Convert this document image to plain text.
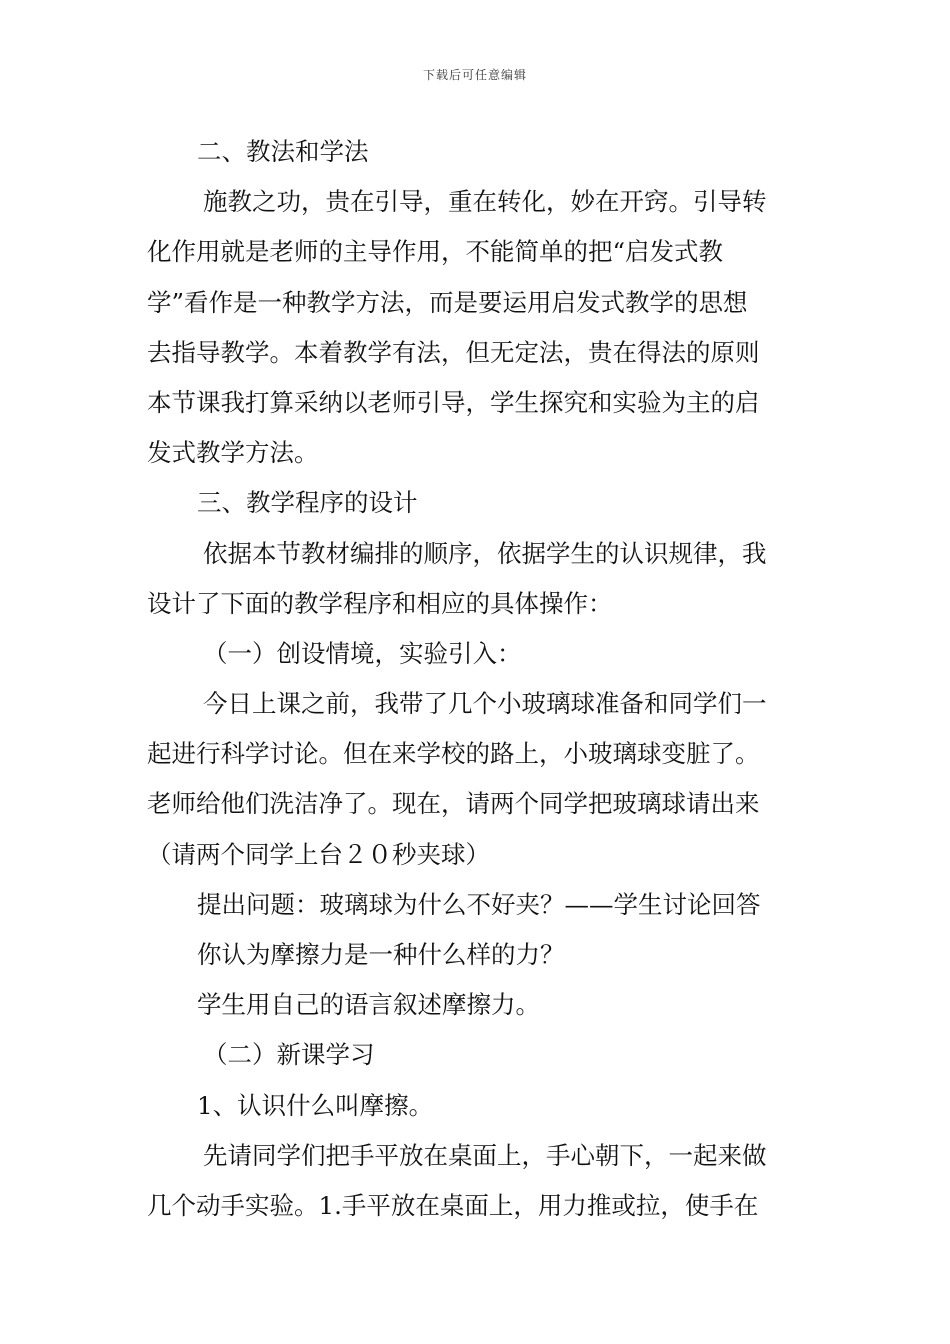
下载后可任意编辑
二、教法和学法
施教之功，贵在引导，重在转化，妙在开窍。引导转
化作用就是老师的主导作用，不能简单的把“启发式教
学”看作是一种教学方法，而是要运用启发式教学的思想
去指导教学。本着教学有法，但无定法，贵在得法的原则
本节课我打算采纳以老师引导，学生探究和实验为主的启
发式教学方法。
三、教学程序的设计
依据本节教材编排的顺序，依据学生的认识规律，我
设计了下面的教学程序和相应的具体操作：
（一）创设情境，实验引入：
今日上课之前，我带了几个小玻璃球准备和同学们一
起进行科学讨论。但在来学校的路上，小玻璃球变脏了。
老师给他们洗洁净了。现在，请两个同学把玻璃球请出来
（请两个同学上台２０秒夹球）
提出问题：玻璃球为什么不好夹？——学生讨论回答
你认为摩擦力是一种什么样的力？
学生用自己的语言叙述摩擦力。
（二）新课学习
1、认识什么叫摩擦。
先请同学们把手平放在桌面上，手心朝下，一起来做
几个动手实验。1.手平放在桌面上，用力推或拉，使手在
